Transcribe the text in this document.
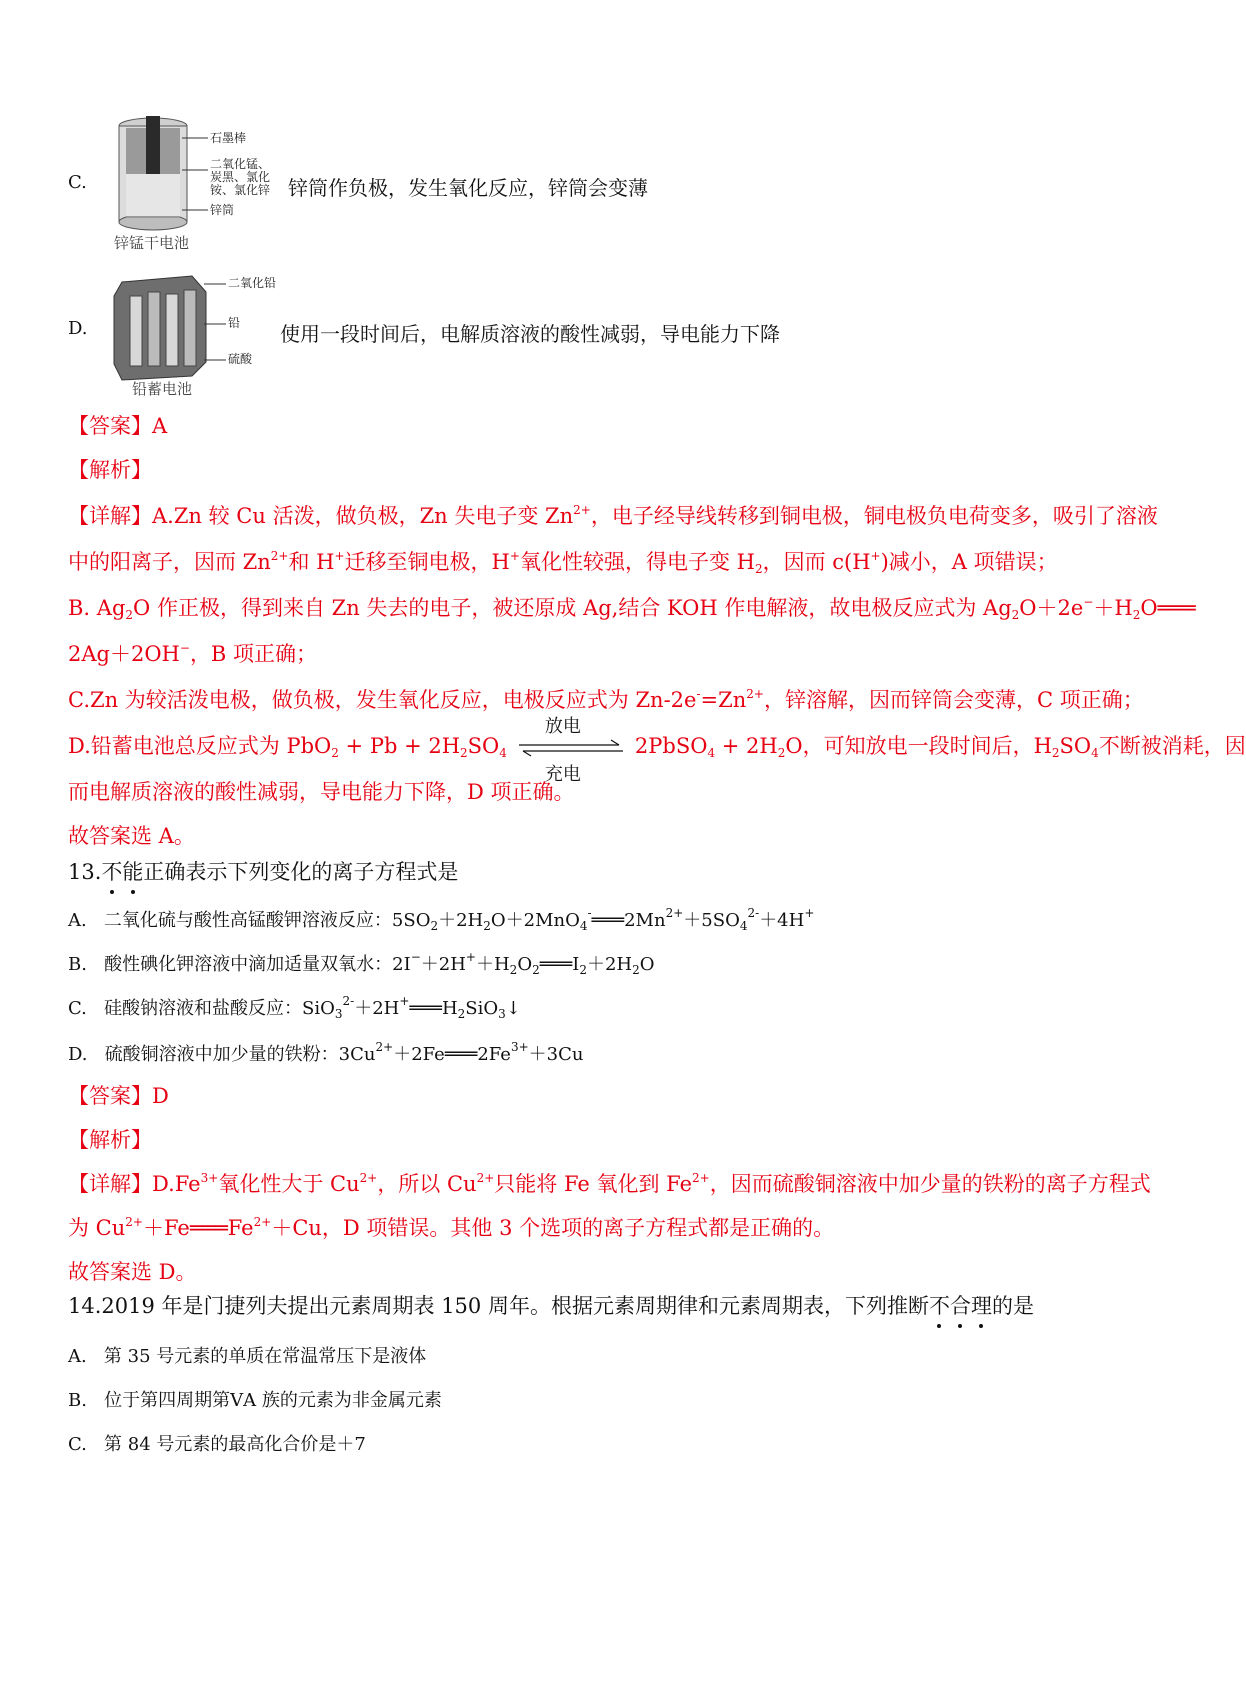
C.
石墨棒
二氧化锰、
炭黑、氯化
铵、氯化锌
锌筒
锌锰干电池
锌筒作负极，发生氧化反应，锌筒会变薄
D.
二氧化铅
铅
硫酸
铅蓄电池
使用一段时间后，电解质溶液的酸性减弱，导电能力下降
【答案】A
【解析】
【详解】A.Zn 较 Cu 活泼，做负极，Zn 失电子变 $Zn^{2+}$，电子经导线转移到铜电极，铜电极负电荷变多，吸引了溶液
中的阳离子，因而 $Zn^{2+}$和 H+迁移至铜电极，H+氧化性较强，得电子变 $H_2$，因而 c(H+)减小，A 项错误；
B. $Ag_2O$ 作正极，得到来自 Zn 失去的电子，被还原成 Ag,结合 KOH 作电解液，故电极反应式为 $Ag_2O+2e^-+H_2O═══$
2Ag＋2OH−，B 项正确；
C.Zn 为较活泼电极，做负极，发生氧化反应，电极反应式为 $Zn-2e^-=Zn^{2+}$，锌溶解，因而锌筒会变薄，C 项正确；
D.铅蓄电池总反应式为 $PbO_2 + Pb + 2H_2SO_4$
放电
充电
2PbSO$_4$ + $2H_2O$，可知放电一段时间后，$H_2SO_4$不断被消耗，因
而电解质溶液的酸性减弱，导电能力下降，D 项正确。
故答案选 A。
13.不能正确表示下列变化的离子方程式是
A. 二氧化硫与酸性高锰酸钾溶液反应：$5SO_2+2H_2O+2MnO_4^-═══2Mn^{2+}+5SO_4^{2-}+4H^+$
B. 酸性碘化钾溶液中滴加适量双氧水：$2I^-+2H^++H_2O_2═══I_2+2H_2O$
C. 硅酸钠溶液和盐酸反应：$SiO_3^{2-}+2H^+═══H_2SiO_3↓$
D. 硫酸铜溶液中加少量的铁粉：$3Cu^{2+}+2Fe═══2Fe^{3+}+3Cu$
【答案】D
【解析】
【详解】$D.Fe^{3+}$氧化性大于 $Cu^{2+}$，所以 $Cu^{2+}$只能将 Fe 氧化到 $Fe^{2+}$，因而硫酸铜溶液中加少量的铁粉的离子方程式
为 $Cu^{2+}+Fe═══Fe^{2+}+Cu$，D 项错误。其他 3 个选项的离子方程式都是正确的。
故答案选 D。
14.2019 年是门捷列夫提出元素周期表 150 周年。根据元素周期律和元素周期表，下列推断不合理的是
A. 第 35 号元素的单质在常温常压下是液体
B. 位于第四周期第ⅤA 族的元素为非金属元素
C. 第 84 号元素的最高化合价是＋7
